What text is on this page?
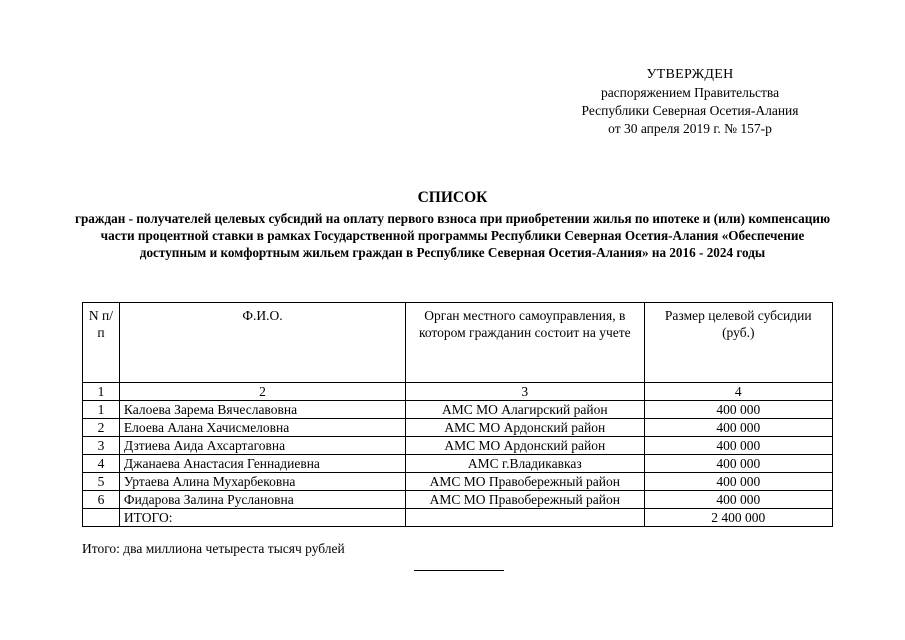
УТВЕРЖДЕН
распоряжением Правительства
Республики Северная Осетия-Алания
от 30 апреля 2019 г. № 157-р
СПИСОК
граждан - получателей целевых субсидий на оплату первого взноса при приобретении жилья по ипотеке и (или) компенсацию части процентной ставки в рамках Государственной программы Республики Северная Осетия-Алания «Обеспечение доступным и комфортным жильем граждан в Республике Северная Осетия-Алания» на 2016 - 2024 годы
N п/п	Ф.И.О.	Орган местного самоуправления, в котором гражданин состоит на учете	Размер целевой субсидии (руб.)
1	2	3	4
1	Калоева Зарема Вячеславовна	АМС МО Алагирский район	400 000
2	Елоева Алана Хачисмеловна	АМС МО Ардонский район	400 000
3	Дзтиева Аида Ахсартаговна	АМС МО Ардонский район	400 000
4	Джанаева Анастасия Геннадиевна	АМС г.Владикавказ	400 000
5	Уртаева Алина Мухарбековна	АМС МО Правобережный район	400 000
6	Фидарова Залина Руслановна	АМС МО Правобережный район	400 000
	ИТОГО:		2 400 000
Итого: два миллиона четыреста тысяч рублей
